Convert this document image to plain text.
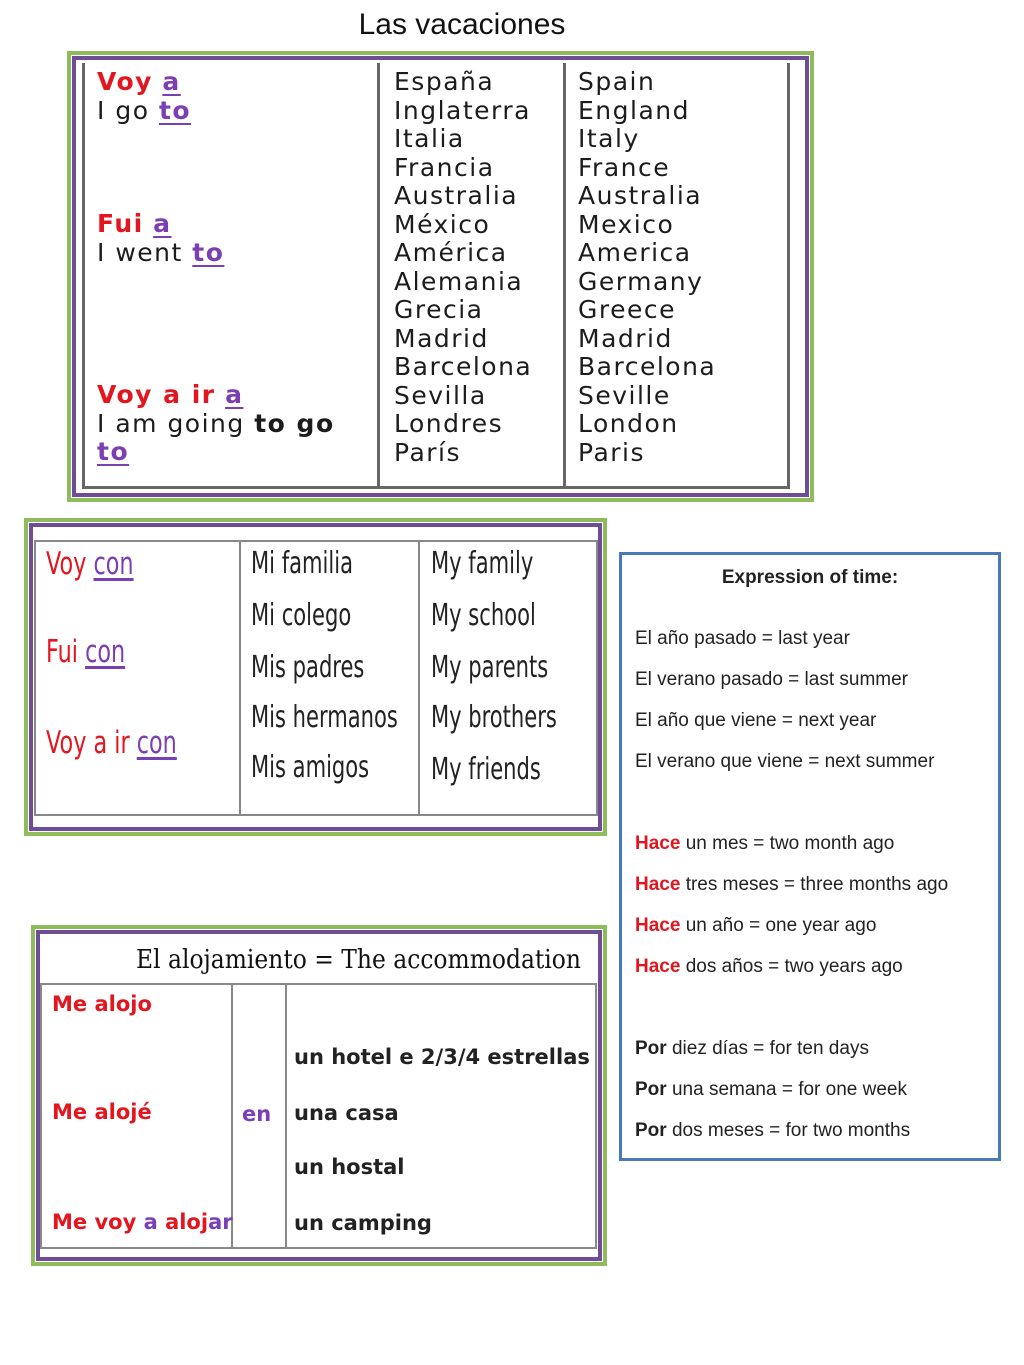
Las vacaciones
Voy a
I go to
Fui a
I went to
Voy a ir a
I am going to go
to
España
Inglaterra
Italia
Francia
Australia
México
América
Alemania
Grecia
Madrid
Barcelona
Sevilla
Londres
París
Spain
England
Italy
France
Australia
Mexico
America
Germany
Greece
Madrid
Barcelona
Seville
London
Paris
Voy con
Fui con
Voy a ir con
Mi familia
Mi colego
Mis padres
Mis hermanos
Mis amigos
My family
My school
My parents
My brothers
My friends
El alojamiento = The accommodation
Me alojo
Me alojé
Me voy a alojar
en
un hotel e 2/3/4 estrellas
una casa
un hostal
un camping
Expression of time:
El año pasado = last year
El verano pasado = last summer
El año que viene = next year
El verano que viene = next summer
Hace un mes = two month ago
Hace tres meses = three months ago
Hace un año = one year ago
Hace dos años = two years ago
Por diez días = for ten days
Por una semana = for one week
Por dos meses = for two months
